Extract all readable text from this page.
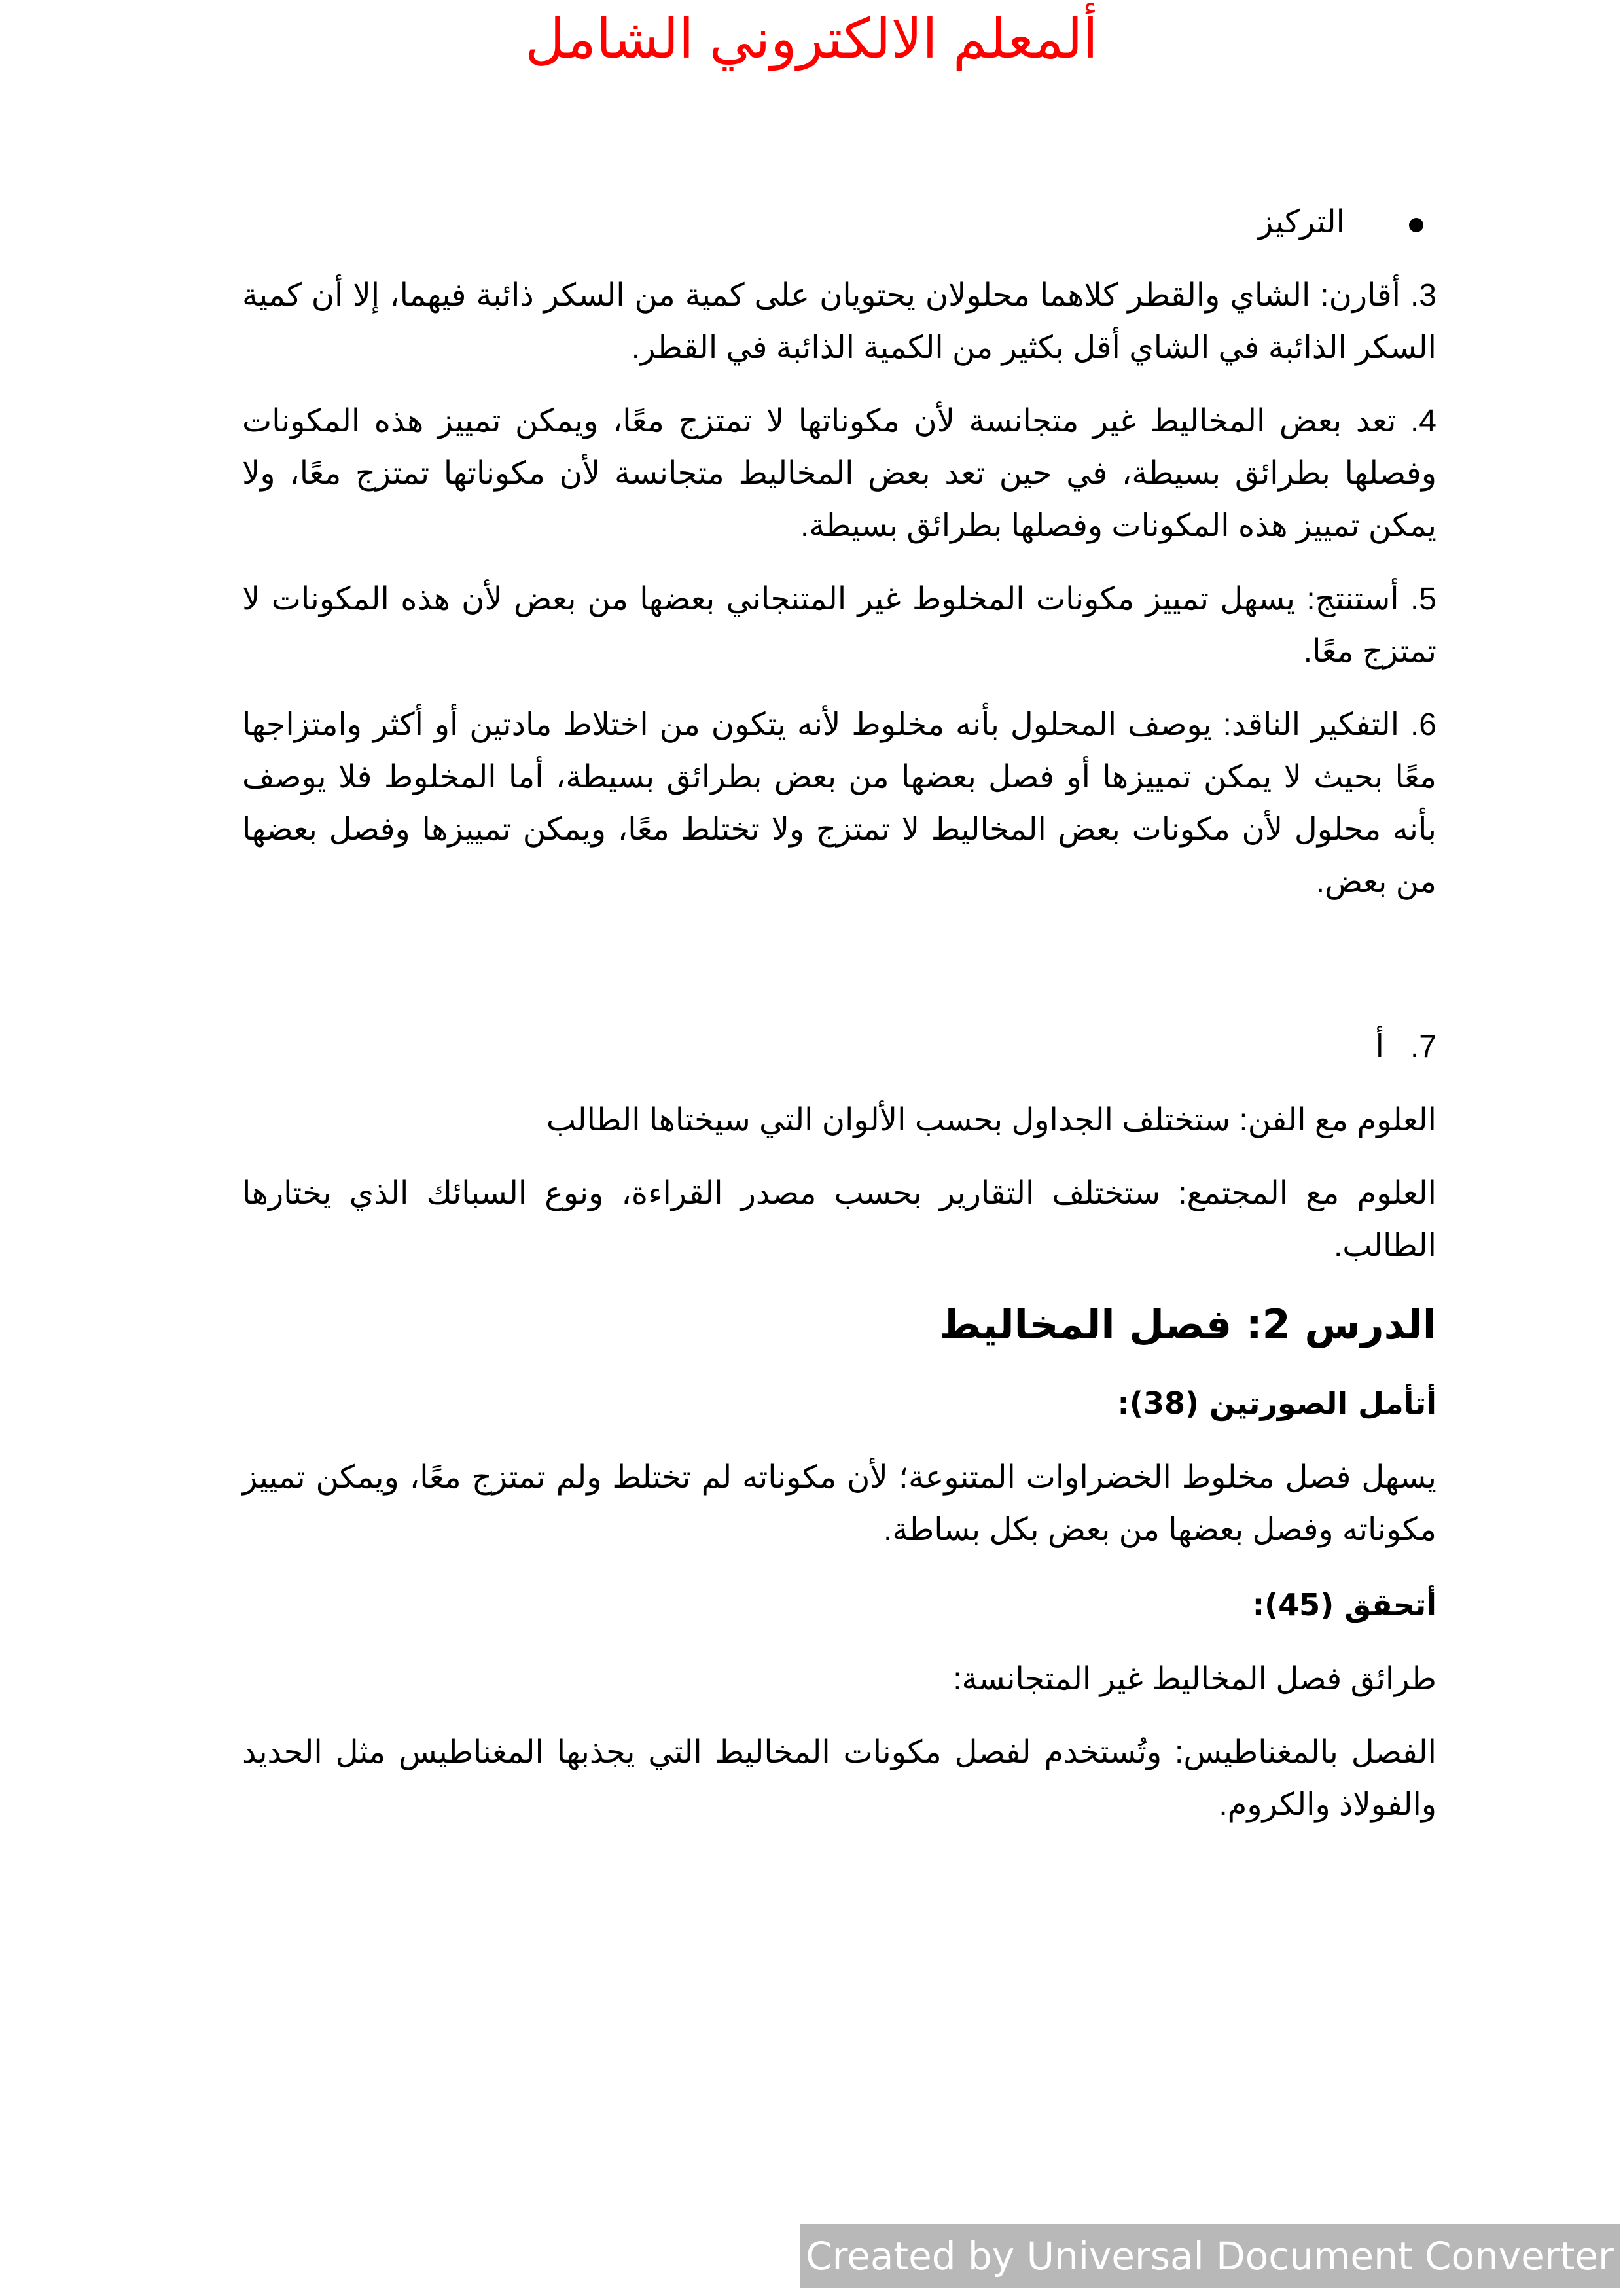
ألمعلم الالكتروني الشامل
التركيز

3. أقارن: الشاي والقطر كلاهما محلولان يحتويان على كمية من السكر ذائبة فيهما، إلا أن كمية السكر الذائبة في الشاي أقل بكثير من الكمية الذائبة في القطر.

4. تعد بعض المخاليط غير متجانسة لأن مكوناتها لا تمتزج معًا، ويمكن تمييز هذه المكونات وفصلها بطرائق بسيطة، في حين تعد بعض المخاليط متجانسة لأن مكوناتها تمتزج معًا، ولا يمكن تمييز هذه المكونات وفصلها بطرائق بسيطة.

5. أستنتج: يسهل تمييز مكونات المخلوط غير المتنجاني بعضها من بعض لأن هذه المكونات لا تمتزج معًا.

6. التفكير الناقد: يوصف المحلول بأنه مخلوط لأنه يتكون من اختلاط مادتين أو أكثر وامتزاجها معًا بحيث لا يمكن تمييزها أو فصل بعضها من بعض بطرائق بسيطة، أما المخلوط فلا يوصف بأنه محلول لأن مكونات بعض المخاليط لا تمتزج ولا تختلط معًا، ويمكن تمييزها وفصل بعضها من بعض.

7.   أ

العلوم مع الفن: ستختلف الجداول بحسب الألوان التي سيختاها الطالب

العلوم مع المجتمع: ستختلف التقارير بحسب مصدر القراءة، ونوع السبائك الذي يختارها الطالب.

الدرس 2: فصل المخاليط
أتأمل الصورتين (38):

يسهل فصل مخلوط الخضراوات المتنوعة؛ لأن مكوناته لم تختلط ولم تمتزج معًا، ويمكن تمييز مكوناته وفصل بعضها من بعض بكل بساطة.

أتحقق (45):

طرائق فصل المخاليط غير المتجانسة:

الفصل بالمغناطيس: وتُستخدم لفصل مكونات المخاليط التي يجذبها المغناطيس مثل الحديد والفولاذ والكروم.

Created by Universal Document Converter
